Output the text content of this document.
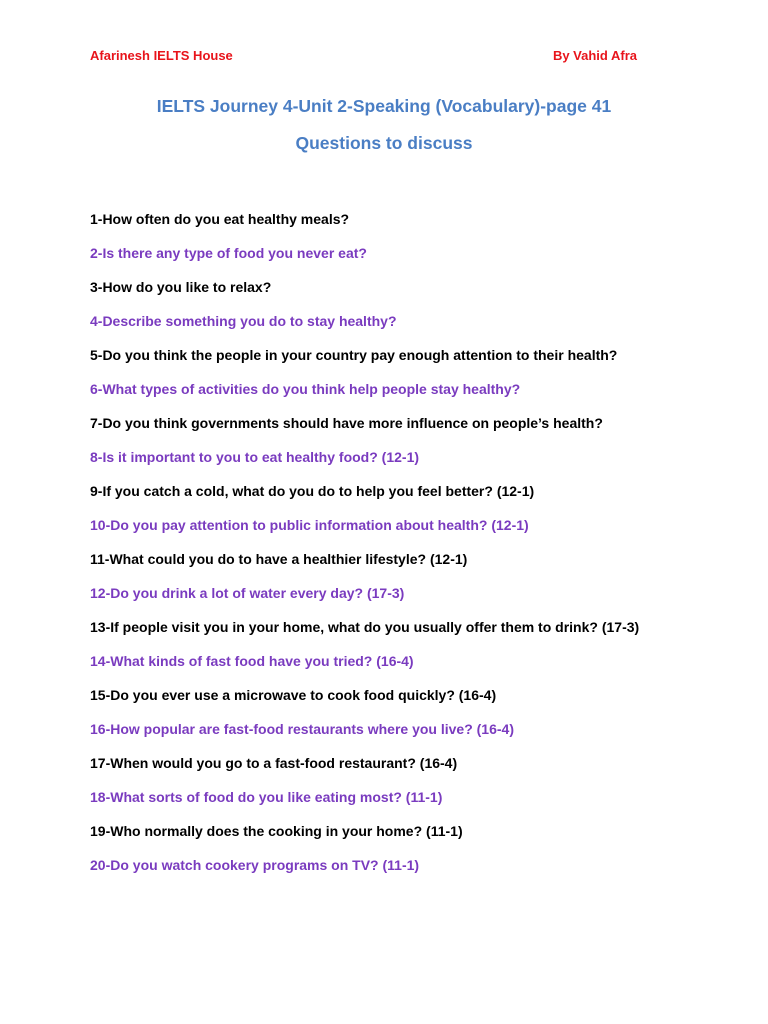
Afarinesh IELTS House	By Vahid Afra
IELTS Journey 4-Unit 2-Speaking (Vocabulary)-page 41
Questions to discuss
1-How often do you eat healthy meals?
2-Is there any type of food you never eat?
3-How do you like to relax?
4-Describe something you do to stay healthy?
5-Do you think the people in your country pay enough attention to their health?
6-What types of activities do you think help people stay healthy?
7-Do you think governments should have more influence on people’s health?
8-Is it important to you to eat healthy food? (12-1)
9-If you catch a cold, what do you do to help you feel better? (12-1)
10-Do you pay attention to public information about health? (12-1)
11-What could you do to have a healthier lifestyle? (12-1)
12-Do you drink a lot of water every day? (17-3)
13-If people visit you in your home, what do you usually offer them to drink? (17-3)
14-What kinds of fast food have you tried? (16-4)
15-Do you ever use a microwave to cook food quickly? (16-4)
16-How popular are fast-food restaurants where you live? (16-4)
17-When would you go to a fast-food restaurant? (16-4)
18-What sorts of food do you like eating most? (11-1)
19-Who normally does the cooking in your home? (11-1)
20-Do you watch cookery programs on TV? (11-1)
